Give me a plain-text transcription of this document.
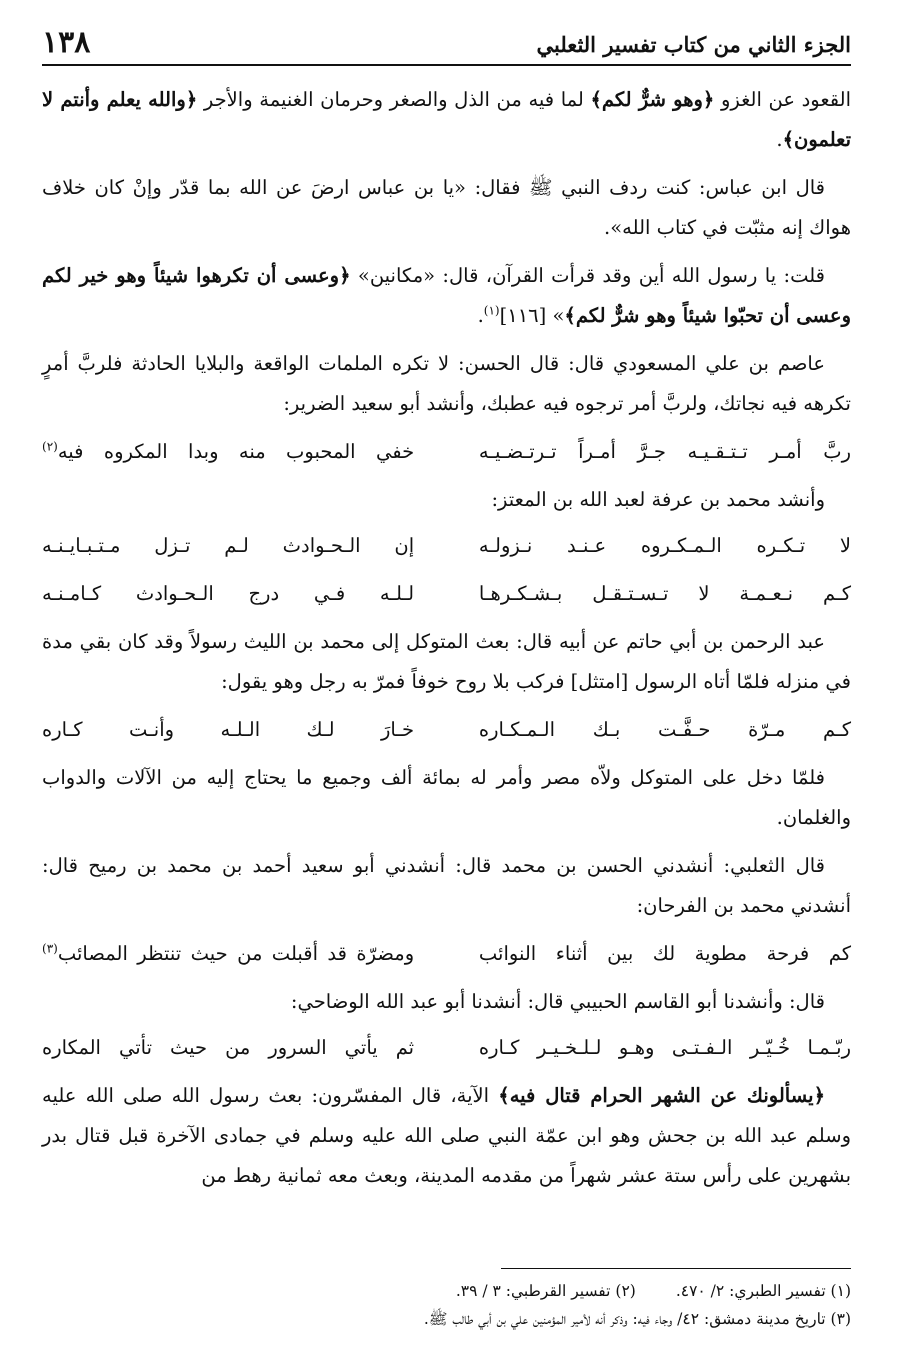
الجزء الثاني من كتاب تفسير الثعلبي
١٣٨

القعود عن الغزو ﴿وهو شرٌّ لكم﴾ لما فيه من الذل والصغر وحرمان الغنيمة والأجر ﴿والله يعلم وأنتم لا تعلمون﴾.

قال ابن عباس: كنت ردف النبي ﷺ فقال: «يا بن عباس ارضَ عن الله بما قدّر وإنْ كان خلاف هواك إنه مثبّت في كتاب الله».

قلت: يا رسول الله أين وقد قرأت القرآن، قال: «مكانين» ﴿وعسى أن تكرهوا شيئاً وهو خير لكم وعسى أن تحبّوا شيئاً وهو شرٌّ لكم﴾» [١١٦]$^{(١)}$.

عاصم بن علي المسعودي قال: قال الحسن: لا تكره الملمات الواقعة والبلايا الحادثة فلربَّ أمرٍ تكرهه فيه نجاتك، ولربَّ أمر ترجوه فيه عطبك، وأنشد أبو سعيد الضرير:

ربَّ أمـر تـتـقـيـه جـرَّ أمـراً تـرتـضـيـه
خفي المحبوب منه وبدا المكروه فيه$^{(٢)}$

وأنشد محمد بن عرفة لعبد الله بن المعتز:

لا تـكـره الـمـكـروه عـنـد نـزولـه
إن الـحـوادث لـم تـزل مـتـبـايـنـه
كـم نـعـمـة لا تـسـتـقـل بـشـكـرهـا
لـلـه فـي درج الـحـوادث كـامـنـه

عبد الرحمن بن أبي حاتم عن أبيه قال: بعث المتوكل إلى محمد بن الليث رسولاً وقد كان بقي مدة في منزله فلمّا أتاه الرسول [امتثل] فركب بلا روح خوفاً فمرّ به رجل وهو يقول:

كـم مـرّة حـفَّـت بـك الـمـكـاره
خـارَ لـك الـلـه وأنـت كـاره

فلمّا دخل على المتوكل ولاّه مصر وأمر له بمائة ألف وجميع ما يحتاج إليه من الآلات والدواب والغلمان.

قال الثعلبي: أنشدني الحسن بن محمد قال: أنشدني أبو سعيد أحمد بن محمد بن رميح قال: أنشدني محمد بن الفرحان:

كم فرحة مطوية لك بين أثناء النوائب
ومضرّة قد أقبلت من حيث تنتظر المصائب$^{(٣)}$

قال: وأنشدنا أبو القاسم الحبيبي قال: أنشدنا أبو عبد الله الوضاحي:

ربّـمـا خُـيّـر الـفـتـى وهـو لـلـخـيـر كـاره
ثم يأتي السرور من حيث تأتي المكاره

﴿يسألونك عن الشهر الحرام قتال فيه﴾ الآية، قال المفسّرون: بعث رسول الله صلى الله عليه وسلم عبد الله بن جحش وهو ابن عمّة النبي صلى الله عليه وسلم في جمادى الآخرة قبل قتال بدر بشهرين على رأس ستة عشر شهراً من مقدمه المدينة، وبعث معه ثمانية رهط من

(١) تفسير الطبري: ٢/ ٤٧٠.
(٢) تفسير القرطبي: ٣ / ٣٩.
(٣) تاريخ مدينة دمشق: ٤٢/ وجاء فيه: وذكر أنه لأمير المؤمنين علي بن أبي طالب ﷺ.
